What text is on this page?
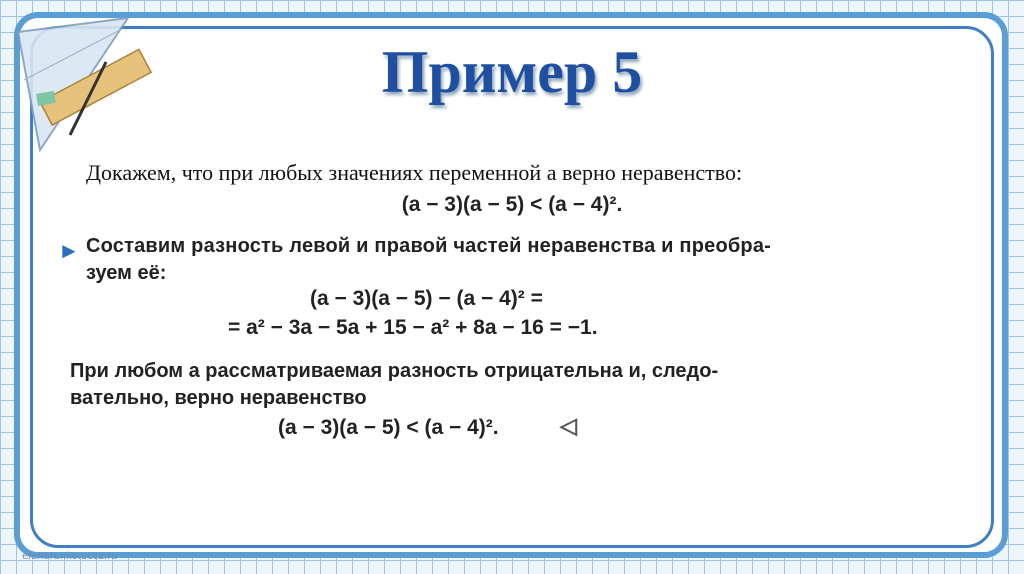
Пример 5
Докажем, что при любых значениях переменной а верно неравенство:
(a − 3)(a − 5) < (a − 4)².
► Составим разность левой и правой частей неравенства и преобра-
зуем её:
(a − 3)(a − 5) − (a − 4)² =
= a² − 3a − 5a + 15 − a² + 8a − 16 = −1.
При любом a рассматриваемая разность отрицательна и, следо-
вательно, верно неравенство
(a − 3)(a − 5) < (a − 4)².	◁
elenaranko.ucoz.ru
